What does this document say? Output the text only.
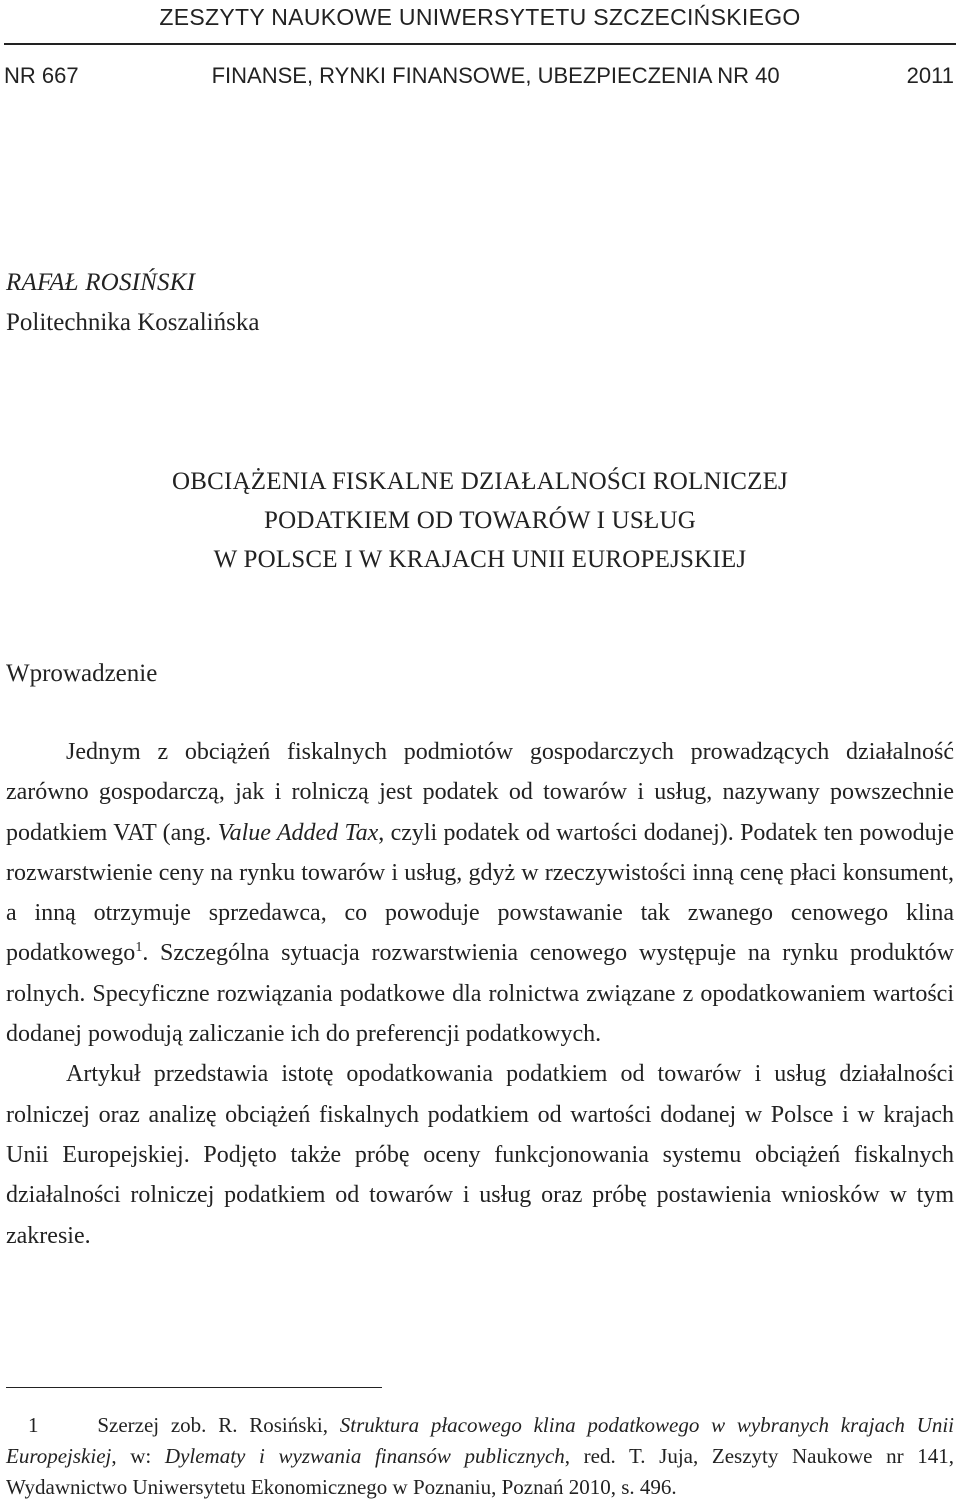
ZESZYTY NAUKOWE UNIWERSYTETU SZCZECIŃSKIEGO
NR 667	FINANSE, RYNKI FINANSOWE, UBEZPIECZENIA NR 40	2011
RAFAŁ ROSIŃSKI
Politechnika Koszalińska
OBCIĄŻENIA FISKALNE DZIAŁALNOŚCI ROLNICZEJ
PODATKIEM OD TOWARÓW I USŁUG
W POLSCE I W KRAJACH UNII EUROPEJSKIEJ
Wprowadzenie

Jednym z obciążeń fiskalnych podmiotów gospodarczych prowadzących działalność zarówno gospodarczą, jak i rolniczą jest podatek od towarów i usług, nazywany powszechnie podatkiem VAT (ang. Value Added Tax, czyli podatek od wartości dodanej). Podatek ten powoduje rozwarstwienie ceny na rynku towarów i usług, gdyż w rzeczywistości inną cenę płaci konsument, a inną otrzymuje sprzedawca, co powoduje powstawanie tak zwanego cenowego klina podatkowego$^1$. Szczególna sytuacja rozwarstwienia cenowego występuje na rynku produktów rolnych. Specyficzne rozwiązania podatkowe dla rolnictwa związane z opodatkowaniem wartości dodanej powodują zaliczanie ich do preferencji podatkowych.

Artykuł przedstawia istotę opodatkowania podatkiem od towarów i usług działalności rolniczej oraz analizę obciążeń fiskalnych podatkiem od wartości dodanej w Polsce i w krajach Unii Europejskiej. Podjęto także próbę oceny funkcjonowania systemu obciążeń fiskalnych działalności rolniczej podatkiem od towarów i usług oraz próbę postawienia wniosków w tym zakresie.

1	Szerzej zob. R. Rosiński, Struktura płacowego klina podatkowego w wybranych krajach Unii Europejskiej, w: Dylematy i wyzwania finansów publicznych, red. T. Juja, Zeszyty Naukowe nr 141, Wydawnictwo Uniwersytetu Ekonomicznego w Poznaniu, Poznań 2010, s. 496.
